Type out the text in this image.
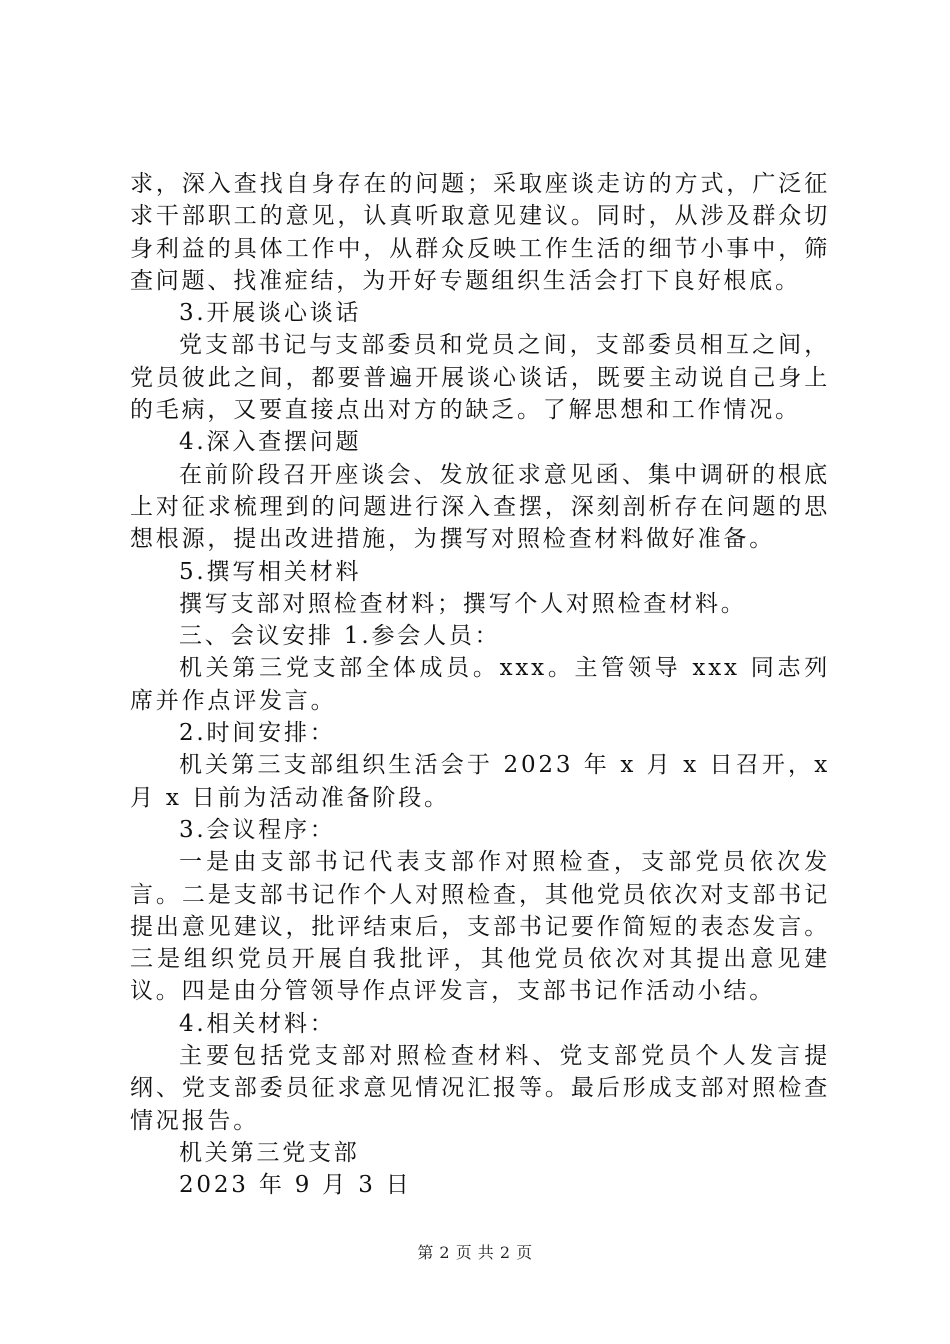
求，深入查找自身存在的问题；采取座谈走访的方式，广泛征求干部职工的意见，认真听取意见建议。同时，从涉及群众切身利益的具体工作中，从群众反映工作生活的细节小事中，筛查问题、找准症结，为开好专题组织生活会打下良好根底。

3.开展谈心谈话

党支部书记与支部委员和党员之间，支部委员相互之间，党员彼此之间，都要普遍开展谈心谈话，既要主动说自己身上的毛病，又要直接点出对方的缺乏。了解思想和工作情况。

4.深入查摆问题

在前阶段召开座谈会、发放征求意见函、集中调研的根底上对征求梳理到的问题进行深入查摆，深刻剖析存在问题的思想根源，提出改进措施，为撰写对照检查材料做好准备。

5.撰写相关材料

撰写支部对照检查材料；撰写个人对照检查材料。

三、会议安排 1.参会人员：

机关第三党支部全体成员。xxx。主管领导 xxx 同志列席并作点评发言。

2.时间安排：

机关第三支部组织生活会于 2023 年 x 月 x 日召开，x 月 x 日前为活动准备阶段。

3.会议程序：

一是由支部书记代表支部作对照检查，支部党员依次发言。二是支部书记作个人对照检查，其他党员依次对支部书记提出意见建议，批评结束后，支部书记要作简短的表态发言。三是组织党员开展自我批评，其他党员依次对其提出意见建议。四是由分管领导作点评发言，支部书记作活动小结。

4.相关材料：

主要包括党支部对照检查材料、党支部党员个人发言提纲、党支部委员征求意见情况汇报等。最后形成支部对照检查情况报告。

机关第三党支部

2023 年 9 月 3 日

第 2 页 共 2 页
